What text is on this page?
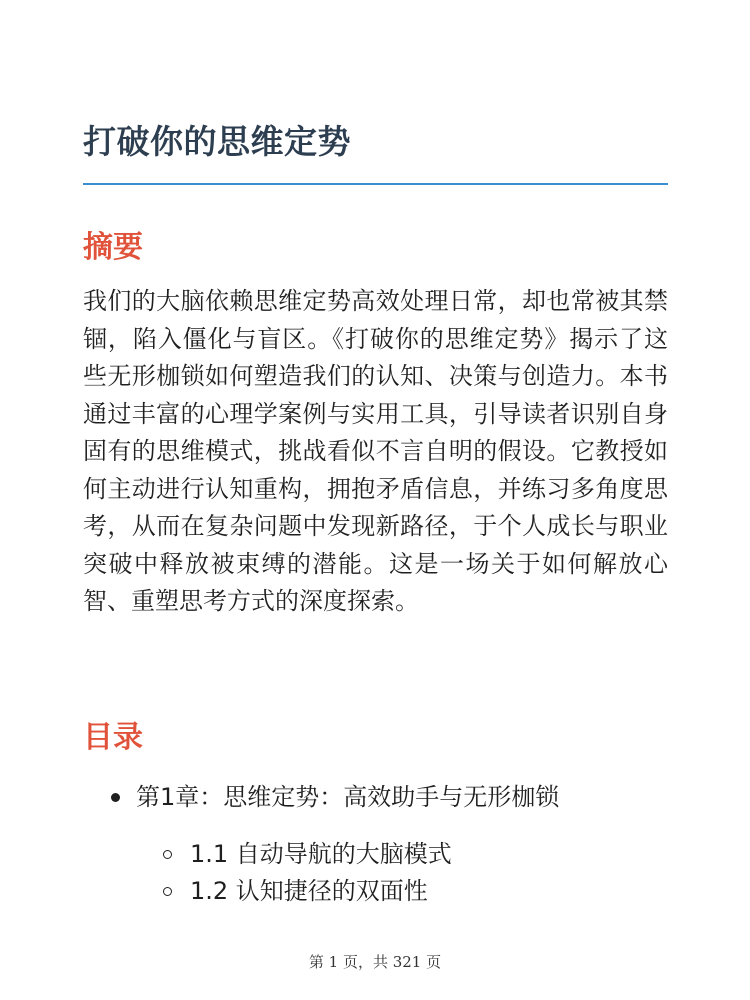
打破你的思维定势
摘要

我们的大脑依赖思维定势高效处理日常，却也常被其禁锢，陷入僵化与盲区。《打破你的思维定势》揭示了这些无形枷锁如何塑造我们的认知、决策与创造力。本书通过丰富的心理学案例与实用工具，引导读者识别自身固有的思维模式，挑战看似不言自明的假设。它教授如何主动进行认知重构，拥抱矛盾信息，并练习多角度思考，从而在复杂问题中发现新路径，于个人成长与职业突破中释放被束缚的潜能。这是一场关于如何解放心智、重塑思考方式的深度探索。

目录
第1章：思维定势：高效助手与无形枷锁
1.1 自动导航的大脑模式
1.2 认知捷径的双面性
第 1 页，共 321 页
